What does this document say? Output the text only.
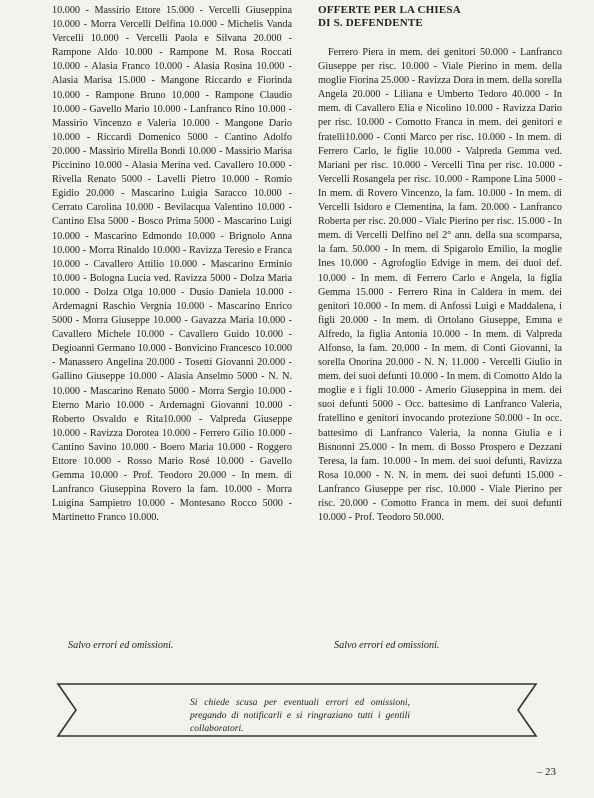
10.000 - Massirio Ettore 15.000 - Vercelli Giuseppina 10.000 - Morra Vercelli Delfina 10.000 - Michelis Vanda Vercelli 10.000 - Vercelli Paola e Silvana 20.000 - Rampone Aldo 10.000 - Rampone M. Rosa Roccati 10.000 - Alasia Franco 10.000 - Alasia Rosina 10.000 - Alasia Marisa 15.000 - Mangone Riccardo e Fiorinda 10.000 - Rampone Bruno 10.000 - Rampone Claudio 10.000 - Gavello Mario 10.000 - Lanfranco Rino 10.000 - Massirio Vincenzo e Valeria 10.000 - Mangone Dario 10.000 - Riccardi Domenico 5000 - Cantino Adolfo 20.000 - Massirio Mirella Bondi 10.000 - Massirio Marisa Piccinino 10.000 - Alasia Merina ved. Cavallero 10.000 - Rivella Renato 5000 - Lavelli Pietro 10.000 - Romio Egidio 20.000 - Mascarino Luigia Saracco 10.000 - Cerrato Carolina 10.000 - Bevilacqua Valentino 10.000 - Cantino Elsa 5000 - Bosco Prima 5000 - Mascarino Luigi 10.000 - Mascarino Edmondo 10.000 - Brignolo Anna 10.000 - Morra Rinaldo 10.000 - Ravizza Teresio e Franca 10.000 - Cavallero Attilio 10.000 - Mascarino Erminio 10.000 - Bologna Lucia ved. Ravizza 5000 - Dolza Maria 10.000 - Dolza Olga 10.000 - Dusio Daniela 10.000 - Ardemagni Raschio Vergnia 10.000 - Mascarino Enrico 5000 - Morra Giuseppe 10.000 - Gavazza Maria 10.000 - Cavallero Michele 10.000 - Cavallero Guido 10.000 - Degioanni Germano 10.000 - Bonvicino Francesco 10.000 - Manassero Angelina 20.000 - Tosetti Giovanni 20.000 - Gallino Giuseppe 10.000 - Alasia Anselmo 5000 - N. N. 10.000 - Mascarino Renato 5000 - Morra Sergio 10.000 - Eterno Mario 10.000 - Ardemagni Giovanni 10.000 - Roberto Osvaldo e Rita10.000 - Valpreda Giuseppe 10.000 - Ravizza Dorotea 10.000 - Ferrero Gilio 10.000 - Cantino Savino 10.000 - Boero Maria 10.000 - Roggero Ettore 10.000 - Rosso Mario Rosé 10.000 - Gavello Gemma 10.000 - Prof. Teodoro 20.000 - In mem. di Lanfranco Giuseppina Rovero la fam. 10.000 - Morra Luigina Sampietro 10.000 - Montesano Rocco 5000 - Martinetto Franco 10.000.

OFFERTE PER LA CHIESA
DI S. DEFENDENTE

Ferrero Piera in mem. dei genitori 50.000 - Lanfranco Giuseppe per risc. 10.000 - Viale Pierino in mem. della moglie Fiorina 25.000 - Ravizza Dora in mem. della sorella Angela 20.000 - Liliana e Umberto Tedoro 40.000 - In mem. di Cavallero Elia e Nicolino 10.000 - Ravizza Dario per risc. 10.000 - Comotto Franca in mem. dei genitori e fratelli10.000 - Conti Marco per risc. 10.000 - In mem. di Ferrero Carlo, le figlie 10.000 - Valpreda Gemma ved. Mariani per risc. 10.000 - Vercelli Tina per risc. 10.000 - Vercelli Rosangela per risc. 10.000 - Rampone Lina 5000 - In mem. di Rovero Vincenzo, la fam. 10.000 - In mem. di Vercelli Isidoro e Clementina, la fam. 20.000 - Lanfranco Roberta per risc. 20.000 - Vialc Pierino per risc. 15.000 - In mem. di Vercelli Delfino nel 2° ann. della sua scomparsa, la fam. 50.000 - In mem. di Spigarolo Emilio, la moglie Ines 10.000 - Agrofoglio Edvige in mem. dei duoi def. 10.000 - In mem. di Ferrero Carlo e Angela, la figlia Gemma 15.000 - Ferrero Rina in Caldera in mem. dei genitori 10.000 - In mem. di Anfossi Luigi e Maddalena, i figli 20.000 - In mem. di Ortolano Giuseppe, Emma e Alfredo, la figlia Antonia 10.000 - In mem. di Valpreda Alfonso, la fam. 20.000 - In mem. di Conti Giovanni, la sorella Onorina 20.000 - N. N. 11.000 - Vercelli Giulio in mem. dei suoi defunti 10.000 - In mem. di Comotto Aldo la moglie e i figli 10.000 - Amerio Giuseppina in mem. dei suoi defunti 5000 - Occ. battesimo di Lanfranco Valeria, fratellino e genitori invocando protezione 50.000 - In occ. battesimo di Lanfranco Valeria, la nonna Giulia e i Bisnonni 25.000 - In mem. di Bosso Prospero e Dezzani Teresa, la fam. 10.000 - In mem. dei suoi defunti, Ravizza Rosa 10.000 - N. N. in mem. dei suoi defunti 15.000 - Lanfranco Giuseppe per risc. 10.000 - Viale Pierino per risc. 20.000 - Comotto Franca in mem. dei suoi defunti 10.000 - Prof. Teodoro 50.000.

Salvo errori ed omissioni.	Salvo errori ed omissioni.
Si chiede scusa per eventuali errori ed omissioni, pregando di notificarli e si ringraziano tutti i gentili collaboratori.
– 23
